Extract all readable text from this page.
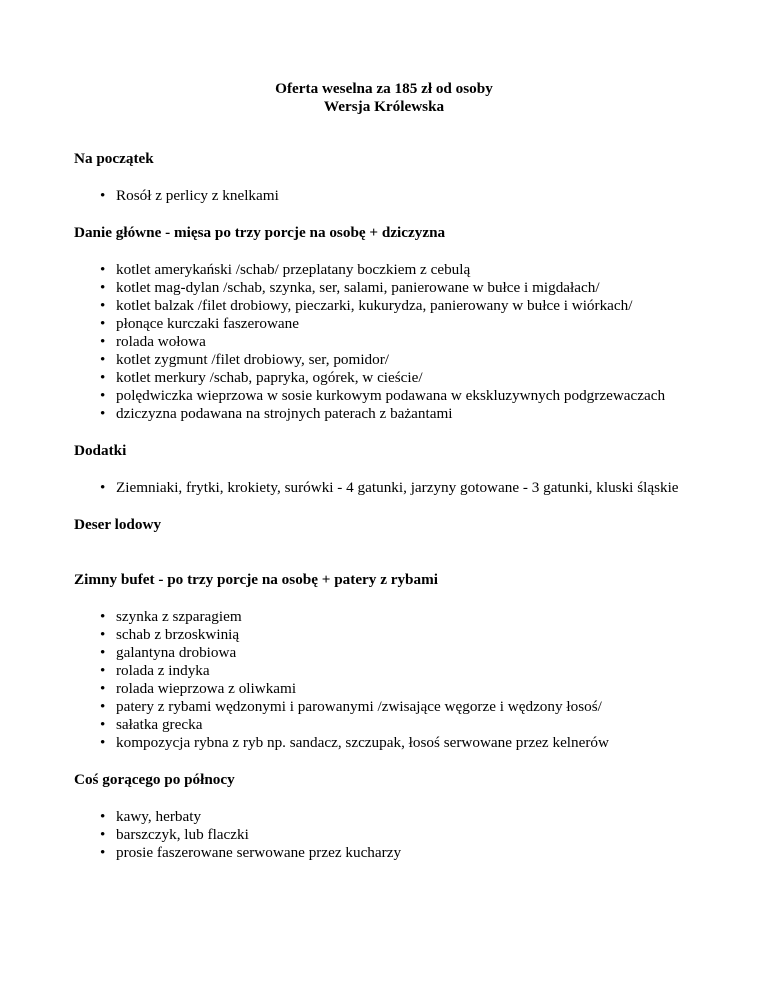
Oferta weselna za 185 zł od osoby
Wersja Królewska
Na początek
• Rosół z perlicy z knelkami
Danie główne - mięsa po trzy porcje na osobę + dziczyzna
• kotlet amerykański /schab/ przeplatany boczkiem z cebulą
• kotlet mag-dylan /schab, szynka, ser, salami, panierowane w bułce i migdałach/
• kotlet balzak /filet drobiowy, pieczarki, kukurydza, panierowany w bułce i wiórkach/
• płonące kurczaki faszerowane
• rolada wołowa
• kotlet zygmunt /filet drobiowy, ser, pomidor/
• kotlet merkury /schab, papryka, ogórek, w cieście/
• polędwiczka wieprzowa w sosie kurkowym podawana w ekskluzywnych podgrzewaczach
• dziczyzna podawana na strojnych paterach z bażantami
Dodatki
• Ziemniaki, frytki, krokiety, surówki - 4 gatunki, jarzyny gotowane - 3 gatunki, kluski śląskie
Deser lodowy
Zimny bufet - po trzy porcje na osobę + patery z rybami
• szynka z szparagiem
• schab z brzoskwinią
• galantyna drobiowa
• rolada z indyka
• rolada wieprzowa z oliwkami
• patery z rybami wędzonymi i parowanymi /zwisające węgorze i wędzony łosoś/
• sałatka grecka
• kompozycja rybna z ryb np. sandacz, szczupak, łosoś serwowane przez kelnerów
Coś gorącego po północy
• kawy, herbaty
• barszczyk, lub flaczki
• prosie faszerowane serwowane przez kucharzy
